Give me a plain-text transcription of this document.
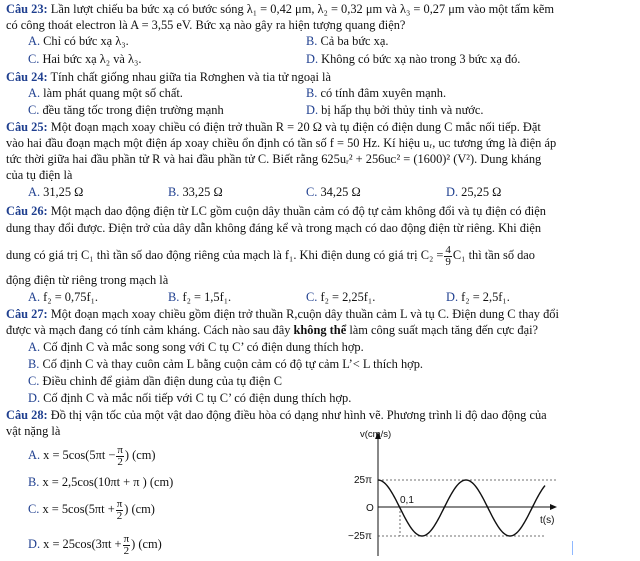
Câu 23: Lần lượt chiếu ba bức xạ có bước sóng λ₁ = 0,42 μm, λ₂ = 0,32 μm và λ₃ = 0,27 μm vào một tấm kẽm
có công thoát electron là A = 3,55 eV. Bức xạ nào gây ra hiện tượng quang điện?
A. Chỉ có bức xạ λ₃.	B. Cả ba bức xạ.
C. Hai bức xạ λ₂ và λ₃.	D. Không có bức xạ nào trong 3 bức xạ đó.
Câu 24: Tính chất giống nhau giữa tia Rơnghen và tia tử ngoại là
A. làm phát quang một số chất.	B. có tính đâm xuyên mạnh.
C. đều tăng tốc trong điện trường mạnh	D. bị hấp thụ bởi thủy tinh và nước.
Câu 25: Một đoạn mạch xoay chiều có điện trở thuần R = 20 Ω và tụ điện có điện dung C mắc nối tiếp. Đặt
vào hai đầu đoạn mạch một điện áp xoay chiều ổn định có tần số f = 50 Hz. Kí hiệu uᵣ, uᴄ tương ứng là điện áp
tức thời giữa hai đầu phần tử R và hai đầu phần tử C. Biết rằng 625uᵣ² + 256uᴄ² = (1600)² (V²). Dung kháng
của tụ điện là
A. 31,25 Ω	B. 33,25 Ω	C. 34,25 Ω	D. 25,25 Ω
Câu 26: Một mạch dao động điện từ LC gồm cuộn dây thuần cảm có độ tự cảm không đổi và tụ điện có điện
dung thay đổi được. Điện trở của dây dẫn không đáng kể và trong mạch có dao động điện từ riêng. Khi điện
dung có giá trị C₁ thì tần số dao động riêng của mạch là f₁. Khi điện dung có giá trị $C_2 = \frac{4}{9} C_1$ thì tần số dao
động điện từ riêng trong mạch là
A. f₂ = 0,75f₁.	B. f₂ = 1,5f₁.	C. f₂ = 2,25f₁.	D. f₂ = 2,5f₁.
Câu 27: Một đoạn mạch xoay chiều gồm điện trở thuần R,cuộn dây thuần cảm L và tụ C. Điện dung C thay đổi
được và mạch đang có tính cảm kháng. Cách nào sau đây không thể làm công suất mạch tăng đến cực đại?
A. Cố định C và mắc song song với C tụ C’ có điện dung thích hợp.
B. Cố định C và thay cuôn cảm L bằng cuộn cảm có độ tự cảm L’< L thích hợp.
C. Điều chỉnh để giảm dần điện dung của tụ điện C
D. Cố định C và mắc nối tiếp với C tụ C’ có điện dung thích hợp.
Câu 28: Đồ thị vận tốc của một vật dao động điều hòa có dạng như hình vẽ. Phương trình li độ dao động của
vật nặng là
A. $x = 5\cos(5\pi t - \frac{\pi}{2}$ ) (cm)
B. x = 2,5cos(10πt + π ) (cm)
C. $x = 5\cos(5\pi t + \frac{\pi}{2}$ ) (cm)
D. $x = 25\cos(3\pi t + \frac{\pi}{2}$ ) (cm)
v(cm/s)
25π
−25π
O
0,1
t(s)
